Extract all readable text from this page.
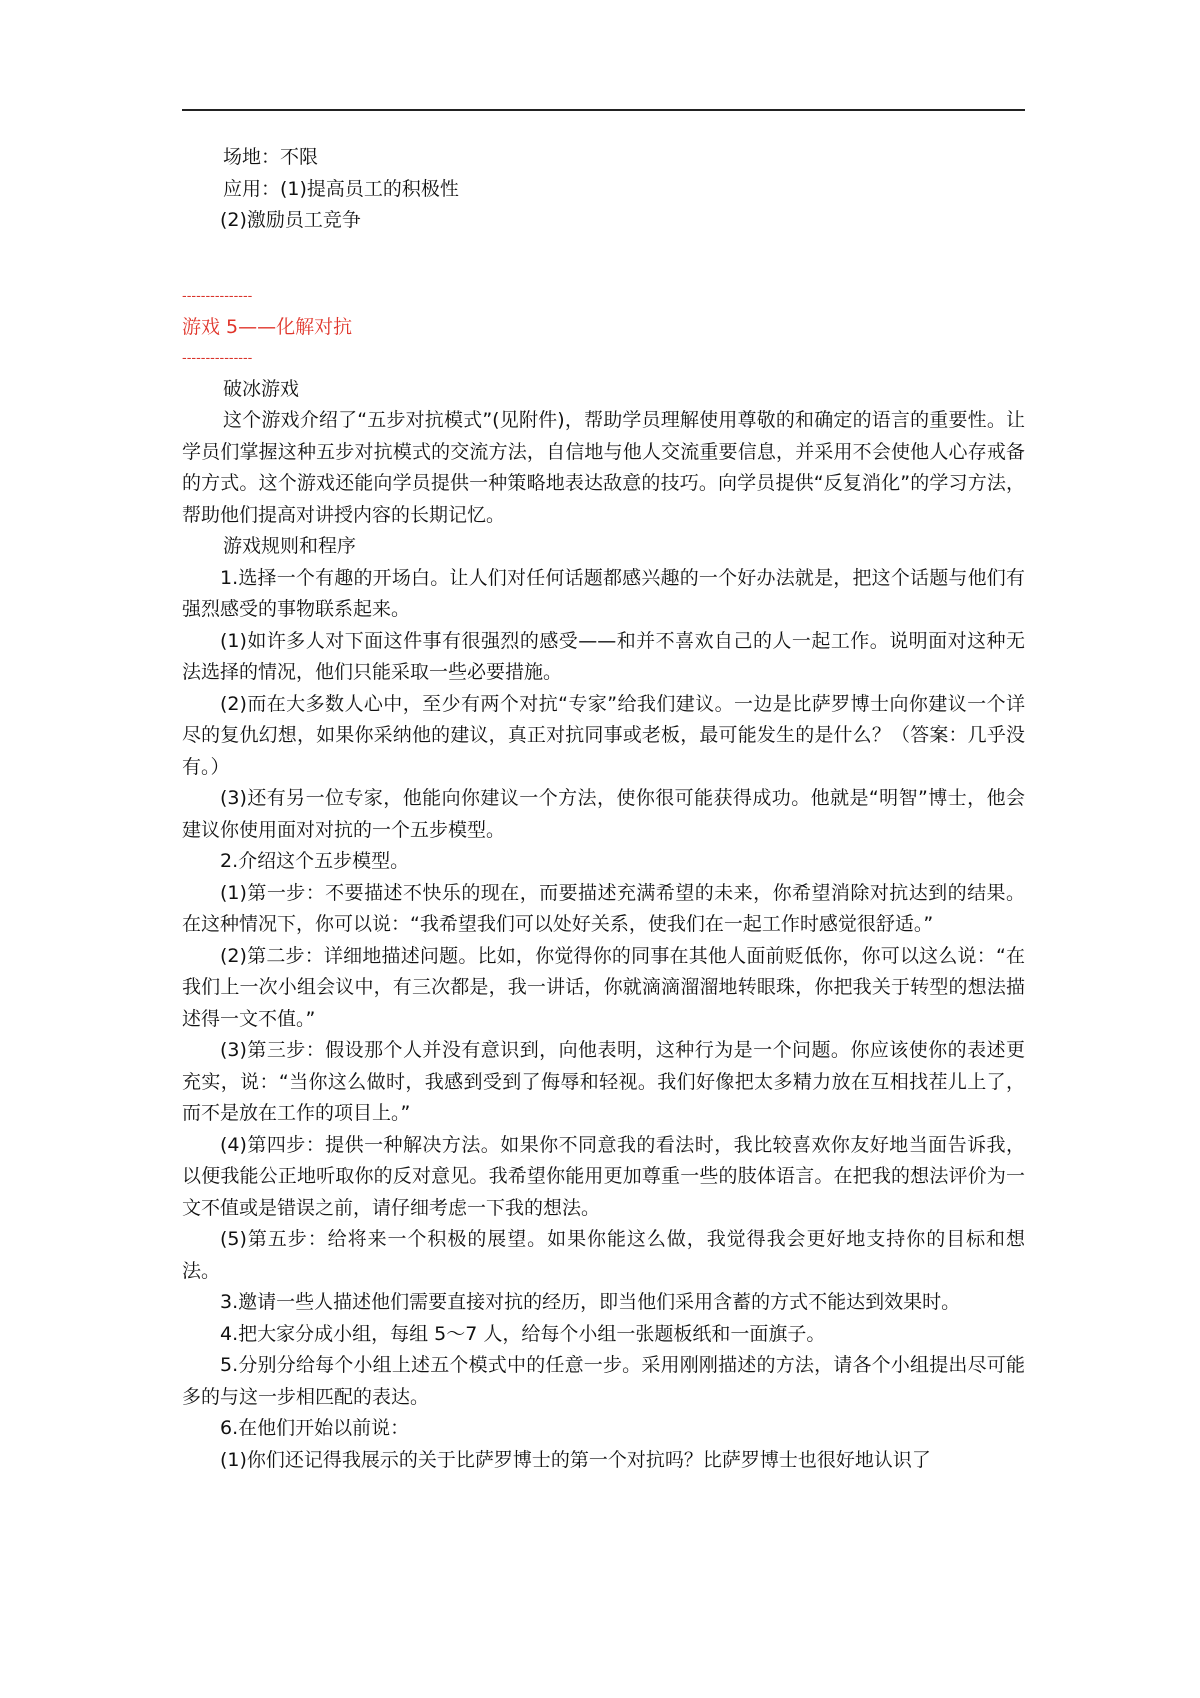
场地：不限

应用：(1)提高员工的积极性

(2)激励员工竞争

---------------

游戏 5——化解对抗

---------------

破冰游戏

这个游戏介绍了“五步对抗模式”(见附件)，帮助学员理解使用尊敬的和确定的语言的重要性。让学员们掌握这种五步对抗模式的交流方法，自信地与他人交流重要信息，并采用不会使他人心存戒备的方式。这个游戏还能向学员提供一种策略地表达敌意的技巧。向学员提供“反复消化”的学习方法，帮助他们提高对讲授内容的长期记忆。

游戏规则和程序

1.选择一个有趣的开场白。让人们对任何话题都感兴趣的一个好办法就是，把这个话题与他们有强烈感受的事物联系起来。

(1)如许多人对下面这件事有很强烈的感受——和并不喜欢自己的人一起工作。说明面对这种无法选择的情况，他们只能采取一些必要措施。

(2)而在大多数人心中，至少有两个对抗“专家”给我们建议。一边是比萨罗博士向你建议一个详尽的复仇幻想，如果你采纳他的建议，真正对抗同事或老板，最可能发生的是什么？（答案：几乎没有。）

(3)还有另一位专家，他能向你建议一个方法，使你很可能获得成功。他就是“明智”博士，他会建议你使用面对对抗的一个五步模型。

2.介绍这个五步模型。

(1)第一步：不要描述不快乐的现在，而要描述充满希望的未来，你希望消除对抗达到的结果。在这种情况下，你可以说：“我希望我们可以处好关系，使我们在一起工作时感觉很舒适。”

(2)第二步：详细地描述问题。比如，你觉得你的同事在其他人面前贬低你，你可以这么说：“在我们上一次小组会议中，有三次都是，我一讲话，你就滴滴溜溜地转眼珠，你把我关于转型的想法描述得一文不值。”

(3)第三步：假设那个人并没有意识到，向他表明，这种行为是一个问题。你应该使你的表述更充实，说：“当你这么做时，我感到受到了侮辱和轻视。我们好像把太多精力放在互相找茬儿上了，而不是放在工作的项目上。”

(4)第四步：提供一种解决方法。如果你不同意我的看法时，我比较喜欢你友好地当面告诉我，以便我能公正地听取你的反对意见。我希望你能用更加尊重一些的肢体语言。在把我的想法评价为一文不值或是错误之前，请仔细考虑一下我的想法。

(5)第五步：给将来一个积极的展望。如果你能这么做，我觉得我会更好地支持你的目标和想法。

3.邀请一些人描述他们需要直接对抗的经历，即当他们采用含蓄的方式不能达到效果时。

4.把大家分成小组，每组 5～7 人，给每个小组一张题板纸和一面旗子。

5.分别分给每个小组上述五个模式中的任意一步。采用刚刚描述的方法，请各个小组提出尽可能多的与这一步相匹配的表达。

6.在他们开始以前说：

(1)你们还记得我展示的关于比萨罗博士的第一个对抗吗？比萨罗博士也很好地认识了
